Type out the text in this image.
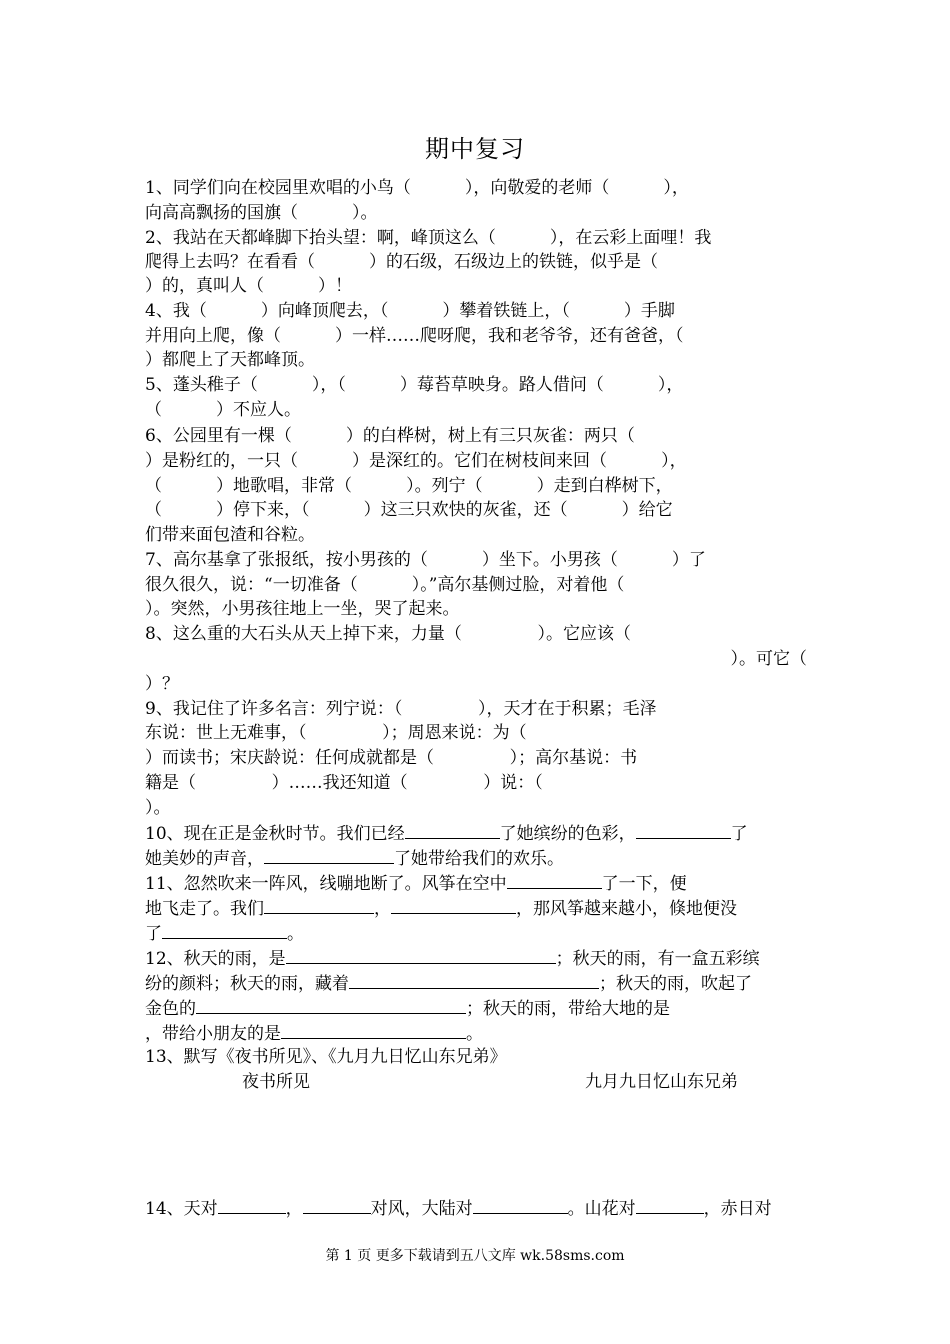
期中复习
1、同学们向在校园里欢唱的小鸟（          ），向敬爱的老师（          ），
向高高飘扬的国旗（          ）。
2、我站在天都峰脚下抬头望：啊，峰顶这么（          ），在云彩上面哩！我
爬得上去吗？在看看（          ）的石级，石级边上的铁链，似乎是（
）的，真叫人（          ）！
4、我（          ）向峰顶爬去，（          ）攀着铁链上，（          ）手脚
并用向上爬，像（          ）一样……爬呀爬，我和老爷爷，还有爸爸，（
）都爬上了天都峰顶。
5、蓬头稚子（          ），（          ）莓苔草映身。路人借问（          ），
（          ）不应人。
6、公园里有一棵（          ）的白桦树，树上有三只灰雀：两只（
）是粉红的，一只（          ）是深红的。它们在树枝间来回（          ），
（          ）地歌唱，非常（          ）。列宁（          ）走到白桦树下，
（          ）停下来，（          ）这三只欢快的灰雀，还（          ）给它
们带来面包渣和谷粒。
7、高尔基拿了张报纸，按小男孩的（          ）坐下。小男孩（          ）了
很久很久，说：“一切准备（          ）。”高尔基侧过脸，对着他（
）。突然，小男孩往地上一坐，哭了起来。
8、这么重的大石头从天上掉下来，力量（              ）。它应该（
）。可它（
）？
9、我记住了许多名言：列宁说：（              ），天才在于积累；毛泽
东说：世上无难事，（              ）；周恩来说：为（
）而读书；宋庆龄说：任何成就都是（              ）；高尔基说：书
籍是（              ）……我还知道（              ）说：（
）。
10、现在正是金秋时节。我们已经	了她缤纷的色彩，	了
她美妙的声音，	了她带给我们的欢乐。
11、忽然吹来一阵风，线嘣地断了。风筝在空中	了一下，便
地飞走了。我们	，	，那风筝越来越小，倏地便没
了	。
12、秋天的雨，是	；秋天的雨，有一盒五彩缤
纷的颜料；秋天的雨，藏着	；秋天的雨，吹起了
金色的	；秋天的雨，带给大地的是
，带给小朋友的是	。
13、默写《夜书所见》、《九月九日忆山东兄弟》
夜书所见	九月九日忆山东兄弟
14、天对	，	对风，大陆对	。山花对	，赤日对
第 1 页 更多下载请到五八文库 wk.58sms.com
